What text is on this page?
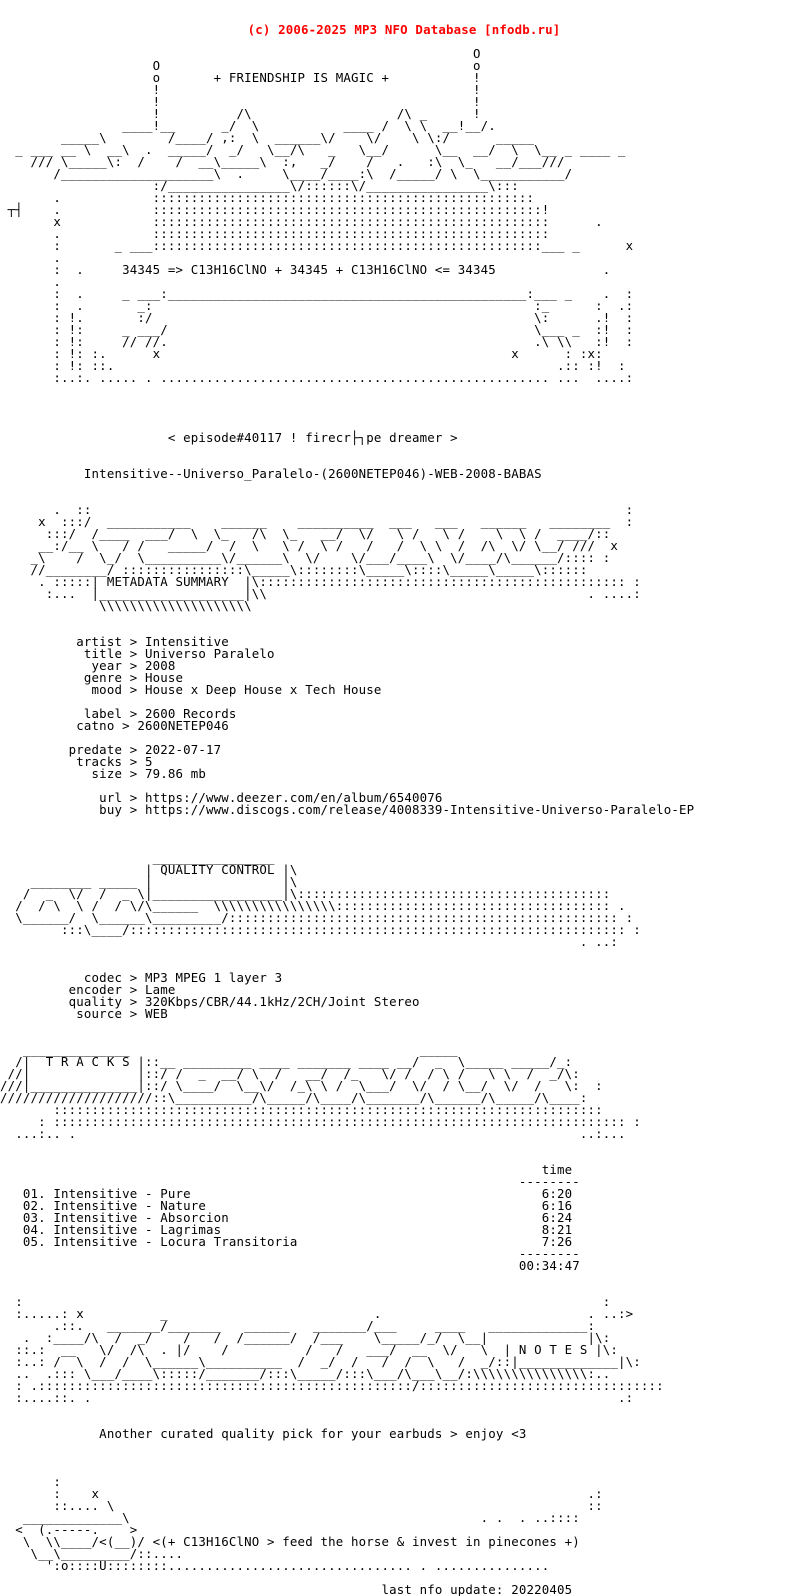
(c) 2006-2025 MP3 NFO Database [nfodb.ru]

O
O                                         o
o       + FRIENDSHIP IS MAGIC +           !
!                                         !
!                                         !
!          /\                   /\ _      !
____!__      _/  \           ____ /  \ \  __!__/.
_____\        /____/ ,:  \  ______\/    \/    \ \:/      _____
_ ___ __ \  __\  .  _____/  _/   \__/\   _   \__/      \__  __/  \  \__ _ ____ _
/// \_____\:  /    /  __\_____\  :,   _/    /   .   :\  \_   __/___///
/____________________\  .     \____/____:\  /_____/ \  \___________/
:/________________\/::::::\/________________\:::
.            ::::::::::::::::::::::::::::::::::::::::::::::::::
┬┤    .            :::::::::::::::::::::::::::::::::::::::::::::::::::!
x            ::::::::::::::::::::::::::::::::::::::::::::::::::::      .
.            ::::::::::::::::::::::::::::::::::::::::::::::::::::
:       _ ___:::::::::::::::::::::::::::::::::::::::::::::::::::___ _      x
.
:  .     34345 => C13H16ClNO + 34345 + C13H16ClNO <= 34345              .
.
:  .     _ ___:_______________________________________________:___ _    .  :
:  .       _:                                                  :_      :  .:
: !.       :/                                                  \:      .!  :
: !:     _ ___/                                                \___ _  :!  :
: !:     // //.                                                .\ \\   :!  :
: !: :.      x                                              x      : :x:
: !: ::.                                                          .:: :!  :
:..:. ..... . ................................................... ...  ....:

< episode#40117 ! firecr├┐pe dreamer >

Intensitive--Universo_Paralelo-(2600NETEP046)-WEB-2008-BABAS

.  ::                                                                      :
x  :::/  ___________    ______    __________  ___   ___   ______   ________  :
:::/  /____  ___/  \  \_   /\  \_   __/  \/   \ /   \ /    \  \ /  ____/::
__:/__ \   / /   _____/  /  \   \ /  \ /   /   /  \ \  /  /\  \/ \__/ ///  x
_\    /  \_/  \__________\/______\  \/    \/___/____\  \/____/\______/:::: :
//________/ ::::::::::::::::\_____\::::::::\_____\::::\_____\_____\::::::
. :::::| METADATA SUMMARY  |\:::::::::::::::::::::::::::::::::::::::::::::::: :
:...  |___________________|\\                                          . ....:
\\\\\\\\\\\\\\\\\\\\

artist > Intensitive
title > Universo Paralelo
year > 2008
genre > House
mood > House x Deep House x Tech House

label > 2600 Records
catno > 2600NETEP046

predate > 2022-07-17
tracks > 5
size > 79.86 mb

url > https://www.deezer.com/en/album/6540076
buy > https://www.discogs.com/release/4008339-Intensitive-Universo-Paralelo-EP

________________
| QUALITY CONTROL |\
________ _____ |                 |\
/  _  \/  /  _ \|_________________|\:::::::::::::::::::::::::::::::::::::::::
/  / \  \ /  / \/\______  \\\\\\\\\\\\\\\\:::::::::::::::::::::::::::::::::::: .
\______/  \______\_________/::::::::::::::::::::::::::::::::::::::::::::::::::: :
:::\____/::::::::::::::::::::::::::::::::::::::::::::::::::::::::::::::::: :
. ..:

codec > MP3 MPEG 1 layer 3
encoder > Lame
quality > 320Kbps/CBR/44.1kHz/2CH/Joint Stereo
source > WEB

______________                                      _____
/|  T R A C K S |::__ _________ ____ _______ ____ __/  _  \_____ _____/_:
//|              |::/ /  _  __/ \  /   __/  /_   \/ /  / \ /   \ \  /  _/\:
///|______________|::/ \____/  \__\/  /_\ \ /  \___/  \/  / \__/  \/  /   \:  :
////////////////////::\__________/\_____/\____/\_______/\______/\_____/\____:
::::::::::::::::::::::::::::::::::::::::::::::::::::::::::::::::::::::::
: ::::::::::::::::::::::::::::::::::::::::::::::::::::::::::::::::::::::::::: :
...:.. .                                                                  ..:...

time
--------
01. Intensitive - Pure                                              6:20
02. Intensitive - Nature                                            6:16
03. Intensitive - Absorcion                                         6:24
04. Intensitive - Lagrimas                                          8:21
05. Intensitive - Locura Transitoria                                7:26
--------
00:34:47

:                                                                            :
:.....: x          _                           .                           . ..:>
.::.   _______/_______   ______   _______/___     ____   _____________:
.  :____/\  /  _/    /   /  /______/  /___    \_____/_/  \__|             |\:
::.:  __   \/  /\  . |/    /          /   /   ___/  __  \/   \  | N O T E S |\:
:..: /  \  /  /  \______\__________  /  _/  /   /  /  \   /  _/::|_____________|\:
..  .::: \___/____\:::::/_______/:::\_____/:::\___/\___\__/:\\\\\\\\\\\\\\\:..
: .:::::::::::::::::::::::::::::::::::::::::::::::::/::::::::::::::::::::::::::::::::
:....::. .                                                                     .:

Another curated quality pick for your earbuds > enjoy <3

:
:    x                                                                .:
::.... \                                                              ::
_____________\                                              . .  . ..::::
<  (.-----.    >
\  \\____/<(__)/ <(+ C13H16ClNO > feed the horse & invest in pinecones +)
\__\_________/::....
':o::::U::::::::................................ . ...............

last nfo update: 20220405
